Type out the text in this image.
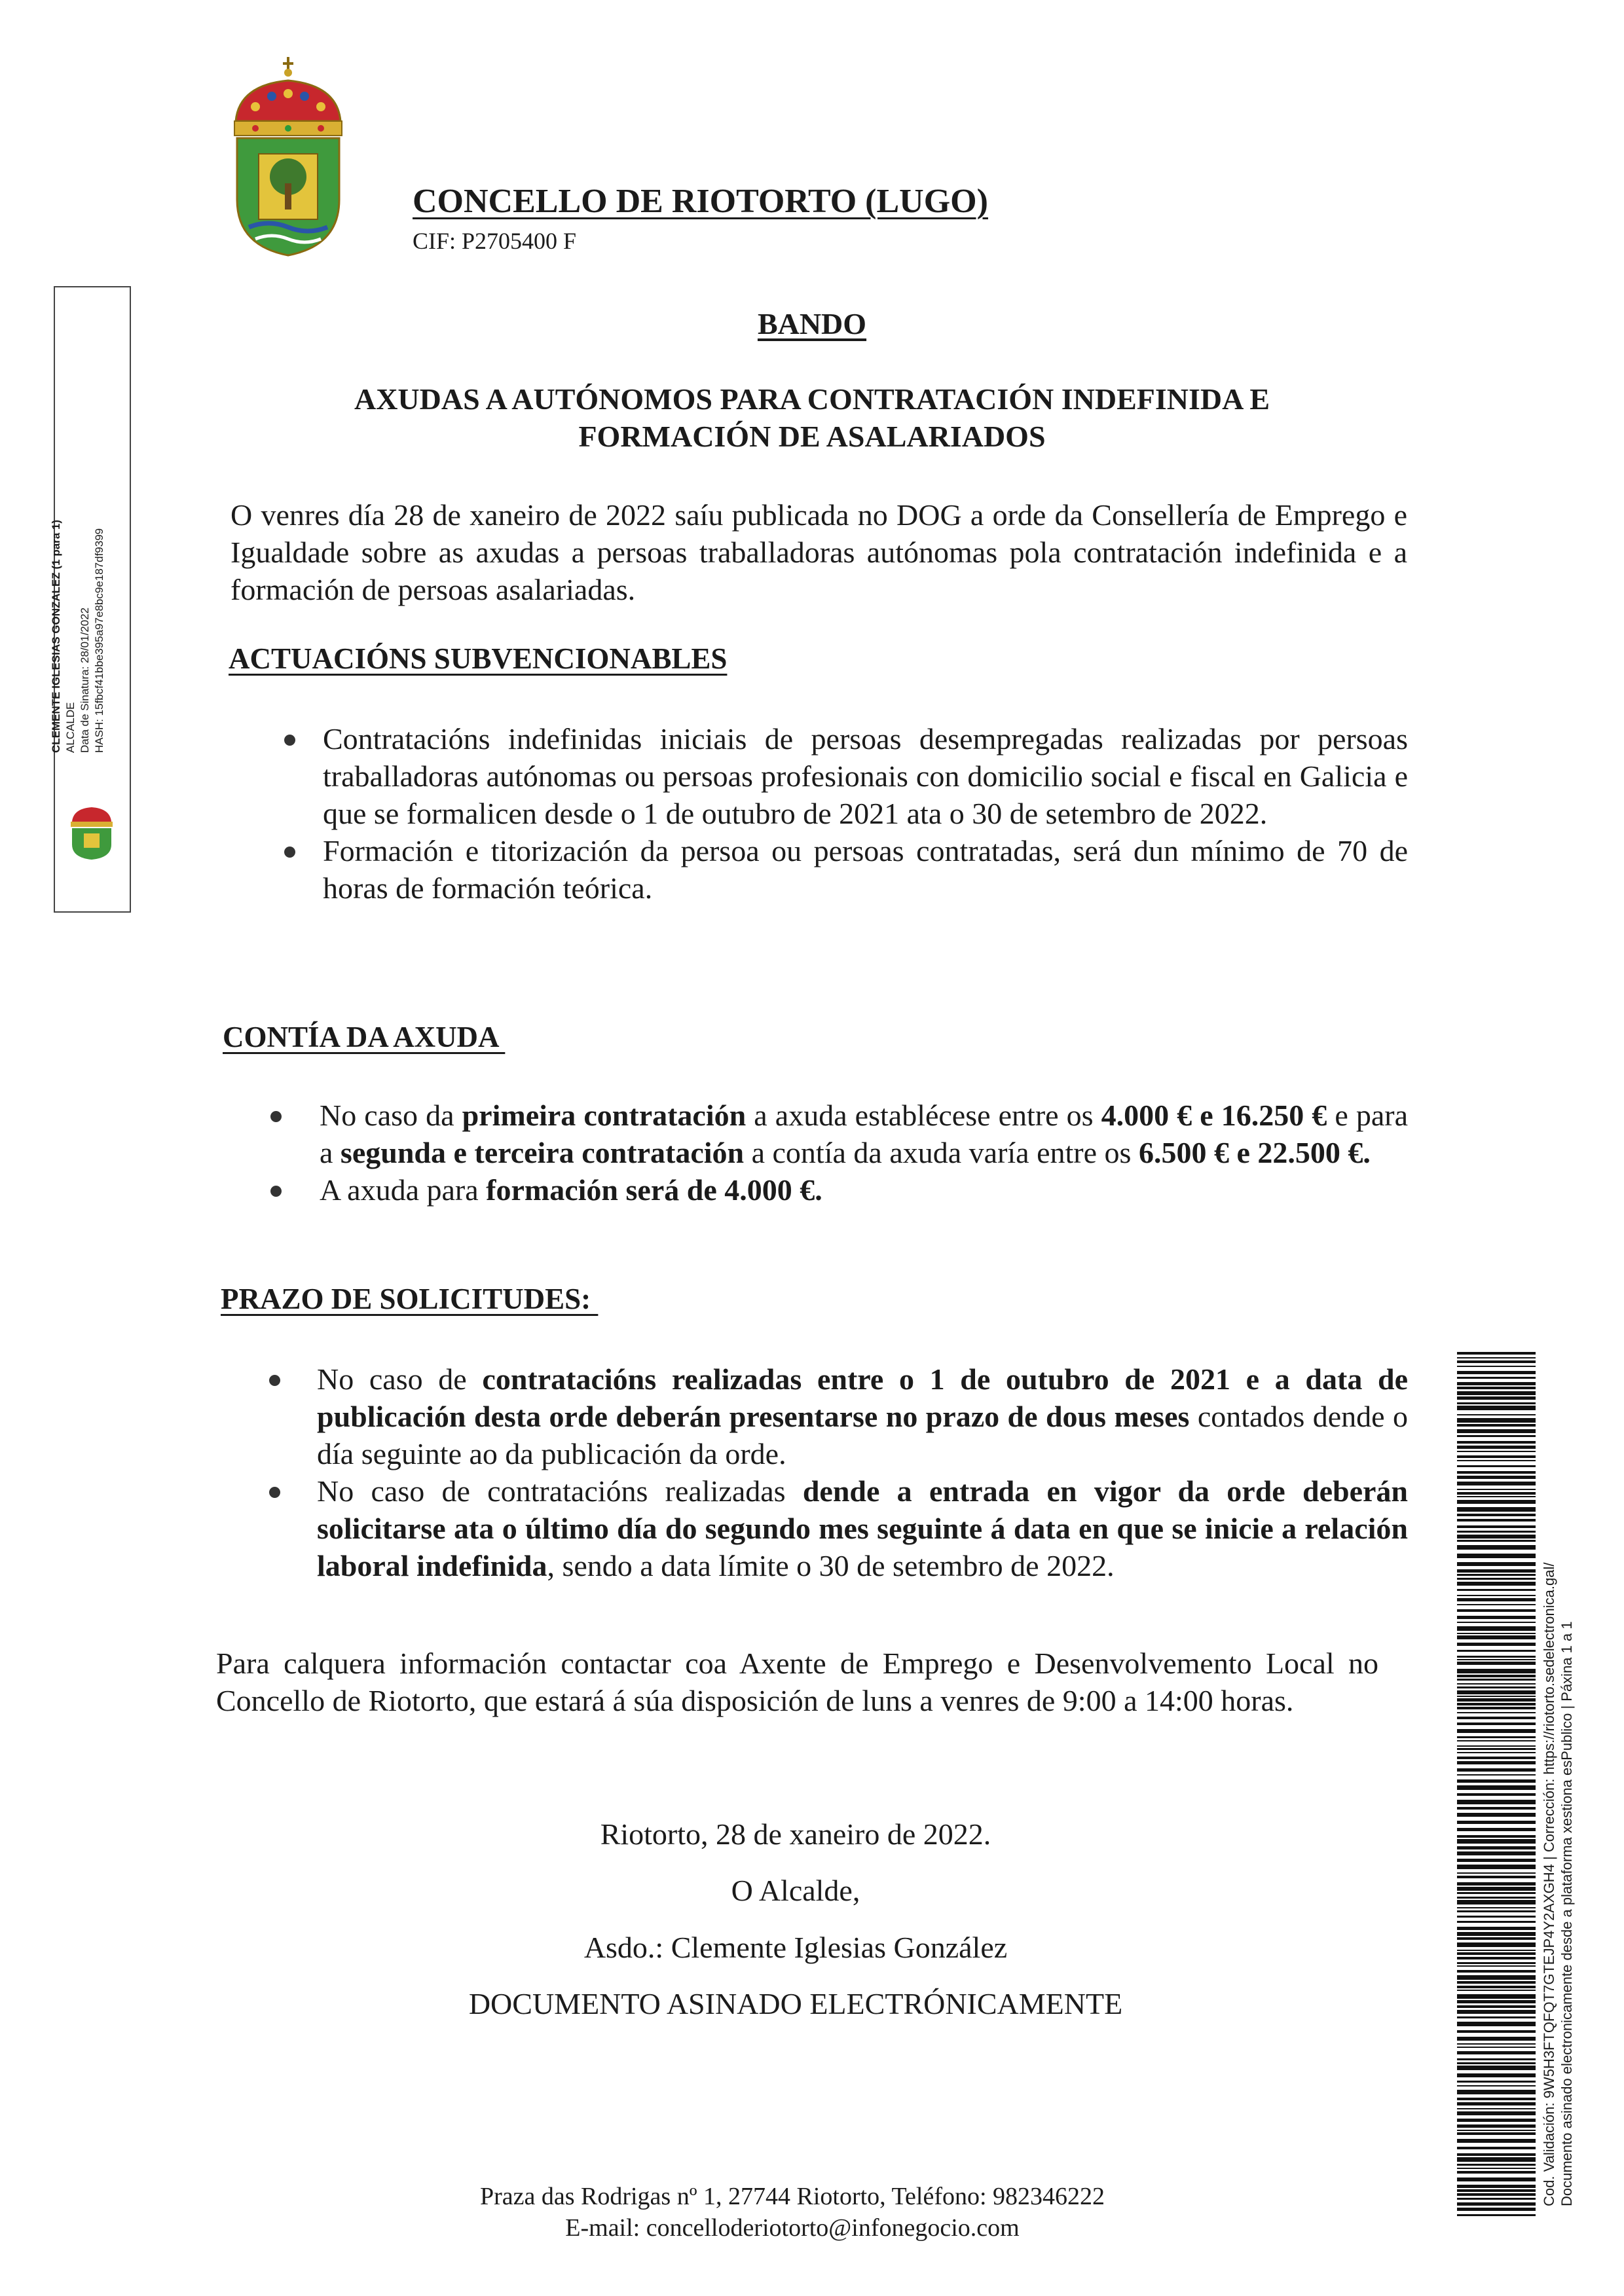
CONCELLO DE RIOTORTO (LUGO)
CIF: P2705400 F
CLEMENTE IGLESIAS GONZALEZ (1 para 1) ALCALDE Data de Sinatura: 28/01/2022 HASH: 15fbcf41bbe395a97e8bc9e187df9399
BANDO
AXUDAS A AUTÓNOMOS PARA CONTRATACIÓN INDEFINIDA E
FORMACIÓN DE ASALARIADOS
O venres día 28 de xaneiro de 2022 saíu publicada no DOG a orde da Consellería de Emprego e Igualdade sobre as axudas a persoas traballadoras autónomas pola contratación indefinida e a formación de persoas asalariadas.
ACTUACIÓNS SUBVENCIONABLES
Contratacións indefinidas iniciais de persoas desempregadas realizadas por persoas traballadoras autónomas ou persoas profesionais con domicilio social e fiscal en Galicia e que se formalicen desde o 1 de outubro de 2021 ata o 30 de setembro de 2022.
Formación e titorización da persoa ou persoas contratadas, será dun mínimo de 70 de horas de formación teórica.
CONTÍA DA AXUDA
No caso da primeira contratación a axuda establécese entre os 4.000 € e 16.250 € e para a segunda e terceira contratación a contía da axuda varía entre os 6.500 € e 22.500 €.
A axuda para formación será de 4.000 €.
PRAZO DE SOLICITUDES:
No caso de contratacións realizadas entre o 1 de outubro de 2021 e a data de publicación desta orde deberán presentarse no prazo de dous meses contados dende o día seguinte ao da publicación da orde.
No caso de contratacións realizadas dende a entrada en vigor da orde deberán solicitarse ata o último día do segundo mes seguinte á data en que se inicie a relación laboral indefinida, sendo a data límite o 30 de setembro de 2022.
Para calquera información contactar coa Axente de Emprego e Desenvolvemento Local no Concello de Riotorto, que estará á súa disposición de luns a venres de 9:00 a 14:00 horas.
Riotorto, 28 de xaneiro de 2022.
O Alcalde,
Asdo.: Clemente Iglesias González
DOCUMENTO ASINADO ELECTRÓNICAMENTE
Praza das Rodrigas nº 1, 27744 Riotorto, Teléfono: 982346222
E-mail: concelloderiotorto@infonegocio.com
Cod. Validación: 9W5H3FTQFQT7GTEJP4Y2AXGH4 | Corrección: https://riotorto.sedelectronica.gal/ Documento asinado electronicamente desde a plataforma xestiona esPublico | Páxina 1 a 1
